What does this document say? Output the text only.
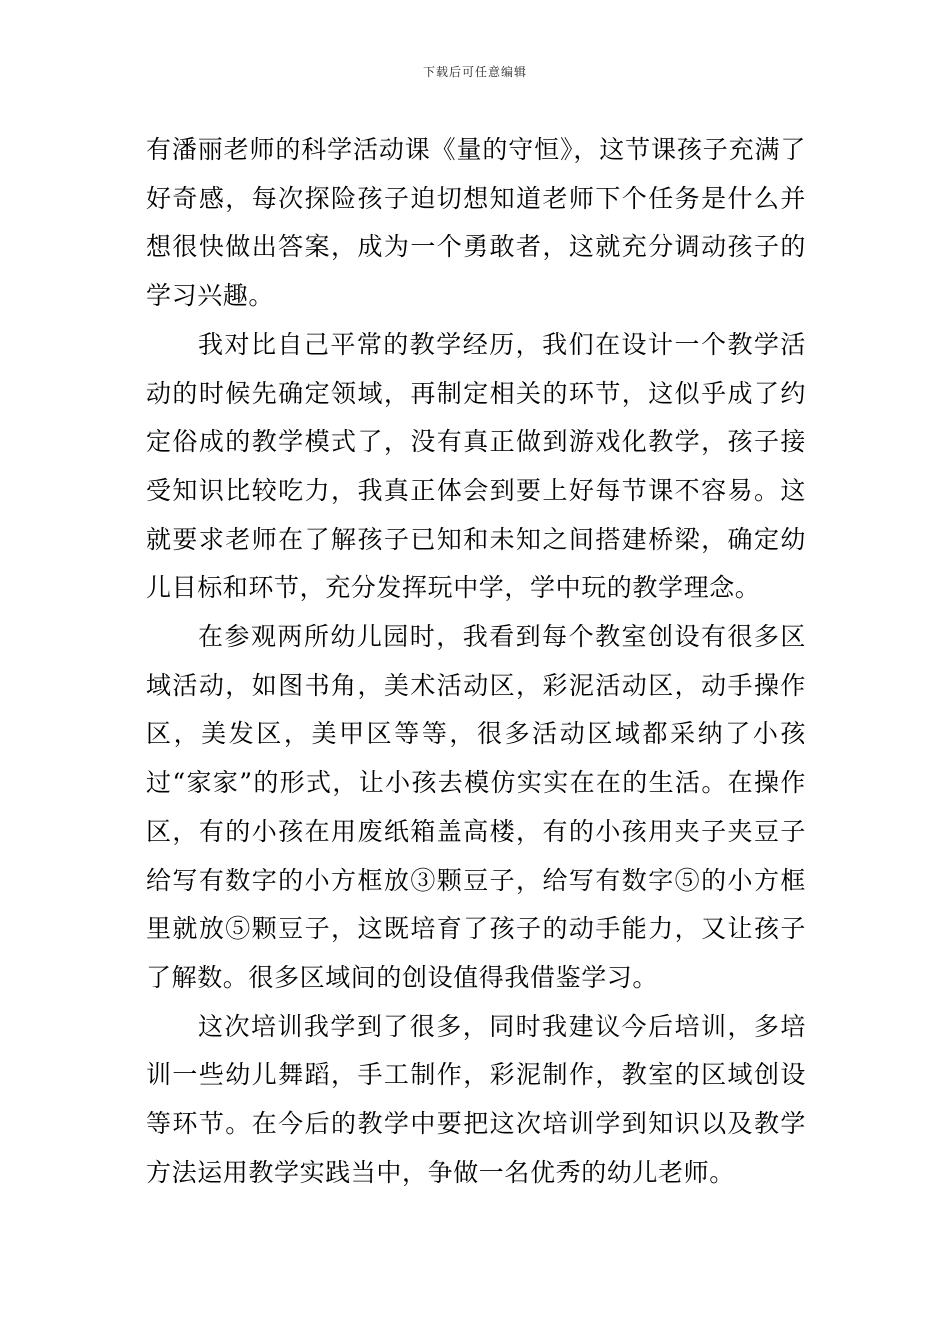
下载后可任意编辑

有潘丽老师的科学活动课《量的守恒》，这节课孩子充满了好奇感，每次探险孩子迫切想知道老师下个任务是什么并想很快做出答案，成为一个勇敢者，这就充分调动孩子的学习兴趣。

我对比自己平常的教学经历，我们在设计一个教学活动的时候先确定领域，再制定相关的环节，这似乎成了约定俗成的教学模式了，没有真正做到游戏化教学，孩子接受知识比较吃力，我真正体会到要上好每节课不容易。这就要求老师在了解孩子已知和未知之间搭建桥梁，确定幼儿目标和环节，充分发挥玩中学，学中玩的教学理念。

在参观两所幼儿园时，我看到每个教室创设有很多区域活动，如图书角，美术活动区，彩泥活动区，动手操作区，美发区，美甲区等等，很多活动区域都采纳了小孩过“家家”的形式，让小孩去模仿实实在在的生活。在操作区，有的小孩在用废纸箱盖高楼，有的小孩用夹子夹豆子给写有数字的小方框放③颗豆子，给写有数字⑤的小方框里就放⑤颗豆子，这既培育了孩子的动手能力，又让孩子了解数。很多区域间的创设值得我借鉴学习。

这次培训我学到了很多，同时我建议今后培训，多培训一些幼儿舞蹈，手工制作，彩泥制作，教室的区域创设等环节。在今后的教学中要把这次培训学到知识以及教学方法运用教学实践当中，争做一名优秀的幼儿老师。
